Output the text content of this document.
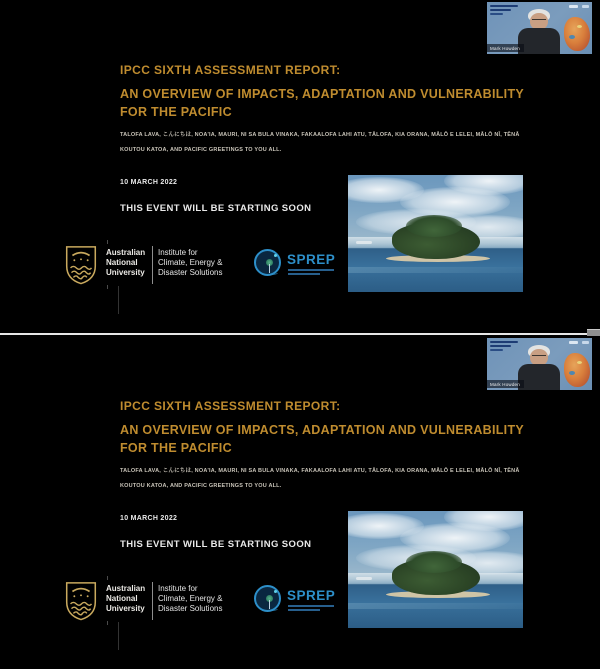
IPCC SIXTH ASSESSMENT REPORT:
AN OVERVIEW OF IMPACTS, ADAPTATION AND VULNERABILITY FOR THE PACIFIC
TALOFA LAVA, こんにちは, NOA'IA, MAURI, NI SA BULA VINAKA, FAKAALOFA LAHI ATU, TĀLOFA, KIA ORANA, MĀLŌ E LELEI, MĀLŌ NĪ, TĒNĀ KOUTOU KATOA, AND PACIFIC GREETINGS TO YOU ALL.
10 MARCH 2022
THIS EVENT WILL BE STARTING SOON
Australian
National
University
Institute for
Climate, Energy &
Disaster Solutions
SPREP
Mark Howden
IPCC SIXTH ASSESSMENT REPORT:
AN OVERVIEW OF IMPACTS, ADAPTATION AND VULNERABILITY FOR THE PACIFIC
TALOFA LAVA, こんにちは, NOA'IA, MAURI, NI SA BULA VINAKA, FAKAALOFA LAHI ATU, TĀLOFA, KIA ORANA, MĀLŌ E LELEI, MĀLŌ NĪ, TĒNĀ KOUTOU KATOA, AND PACIFIC GREETINGS TO YOU ALL.
10 MARCH 2022
THIS EVENT WILL BE STARTING SOON
Australian
National
University
Institute for
Climate, Energy &
Disaster Solutions
SPREP
Mark Howden
